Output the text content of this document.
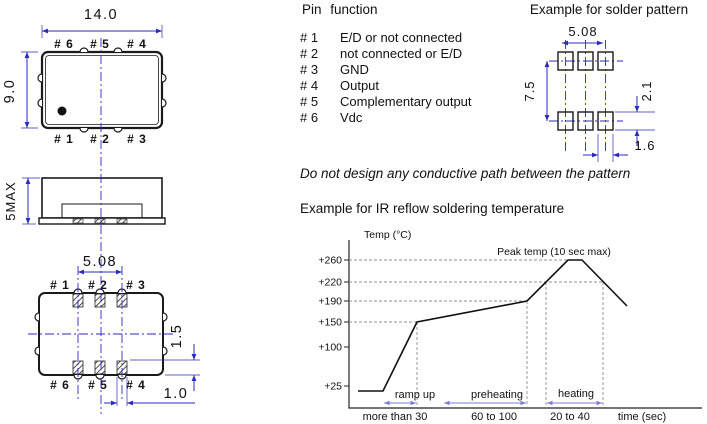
14.0
9.0
# 6 # 5 # 4
# 1 # 2 # 3
5MAX
# 1 # 2 # 3
# 6 # 5 # 4
5.08
1.5
1.0

Pin function

# 1	E/D or not connected
# 2	not connected or E/D
# 3	GND
# 4	Output
# 5	Complementary output
# 6	Vdc
Example for solder pattern
5.08
7.5	2.1
1.6
Do not design any conductive path between the pattern
Example for IR reflow soldering temperature
Temp (°C)
+260
+220
+190
+150
+100
+25
Peak temp (10 sec max)
ramp up	preheating	heating
more than 30	60 to 100	20 to 40	time (sec)
